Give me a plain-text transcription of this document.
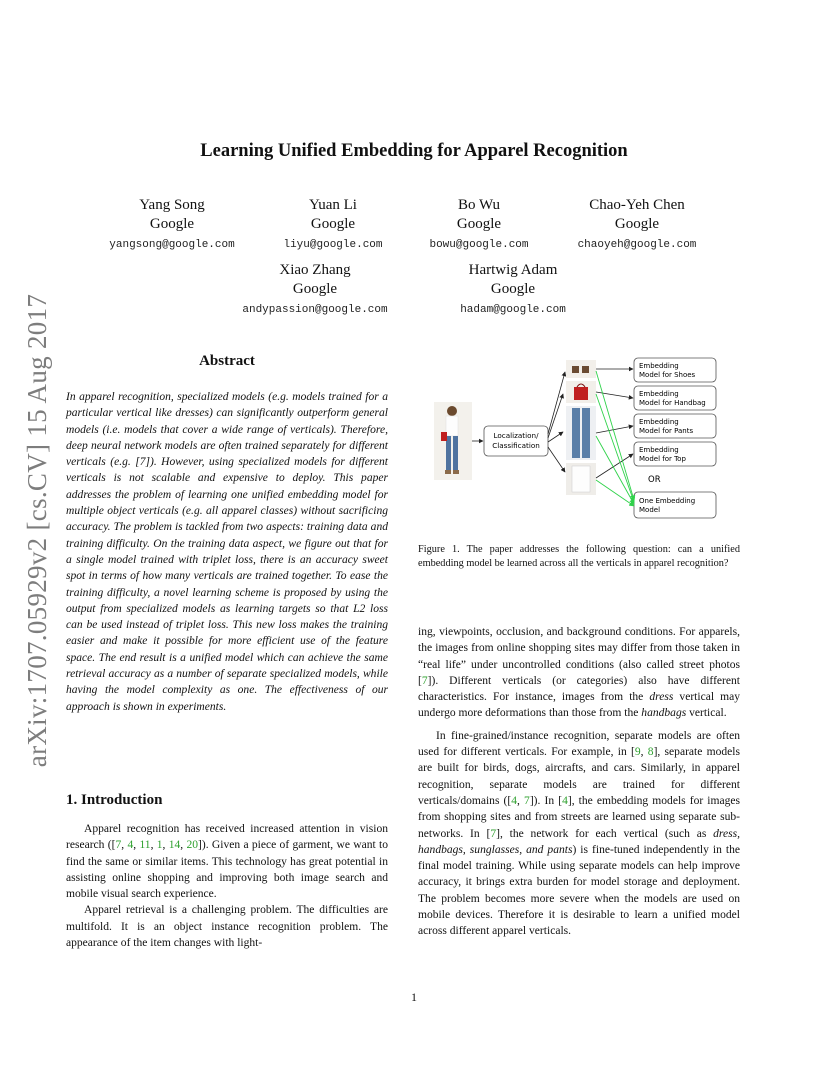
arXiv:1707.05929v2 [cs.CV] 15 Aug 2017
Learning Unified Embedding for Apparel Recognition
Yang Song
Google
yangsong@google.com
Yuan Li
Google
liyu@google.com
Bo Wu
Google
bowu@google.com
Chao-Yeh Chen
Google
chaoyeh@google.com
Xiao Zhang
Google
andypassion@google.com
Hartwig Adam
Google
hadam@google.com
Abstract
In apparel recognition, specialized models (e.g. models trained for a particular vertical like dresses) can significantly outperform general models (i.e. models that cover a wide range of verticals). Therefore, deep neural network models are often trained separately for different verticals (e.g. [7]). However, using specialized models for different verticals is not scalable and expensive to deploy. This paper addresses the problem of learning one unified embedding model for multiple object verticals (e.g. all apparel classes) without sacrificing accuracy. The problem is tackled from two aspects: training data and training difficulty. On the training data aspect, we figure out that for a single model trained with triplet loss, there is an accuracy sweet spot in terms of how many verticals are trained together. To ease the training difficulty, a novel learning scheme is proposed by using the output from specialized models as learning targets so that L2 loss can be used instead of triplet loss. This new loss makes the training easier and make it possible for more efficient use of the feature space. The end result is a unified model which can achieve the same retrieval accuracy as a number of separate specialized models, while having the model complexity as one. The effectiveness of our approach is shown in experiments.
1. Introduction

Apparel recognition has received increased attention in vision research ([7, 4, 11, 1, 14, 20]). Given a piece of garment, we want to find the same or similar items. This technology has great potential in assisting online shopping and improving both image search and mobile visual search experience.

Apparel retrieval is a challenging problem. The difficulties are multifold. It is an object instance recognition problem. The appearance of the item changes with light-

ing, viewpoints, occlusion, and background conditions. For apparels, the images from online shopping sites may differ from those taken in “real life” under uncontrolled conditions (also called street photos [7]). Different verticals (or categories) also have different characteristics. For instance, images from the dress vertical may undergo more deformations than those from the handbags vertical.

In fine-grained/instance recognition, separate models are often used for different verticals. For example, in [9, 8], separate models are built for birds, dogs, aircrafts, and cars. Similarly, in apparel recognition, separate models are trained for different verticals/domains ([4, 7]). In [4], the embedding models for images from shopping sites and from streets are learned using separate sub-networks. In [7], the network for each vertical (such as dress, handbags, sunglasses, and pants) is fine-tuned independently in the final model training. While using separate models can help improve accuracy, it brings extra burden for model storage and deployment. The problem becomes more severe when the models are used on mobile devices. Therefore it is desirable to learn a unified model across different apparel verticals.

Localization/
Classification
Embedding
Model for Shoes
Embedding
Model for Handbag
Embedding
Model for Pants
Embedding
Model for Top
OR
One Embedding
Model
Figure 1. The paper addresses the following question: can a unified embedding model be learned across all the verticals in apparel recognition?
1
